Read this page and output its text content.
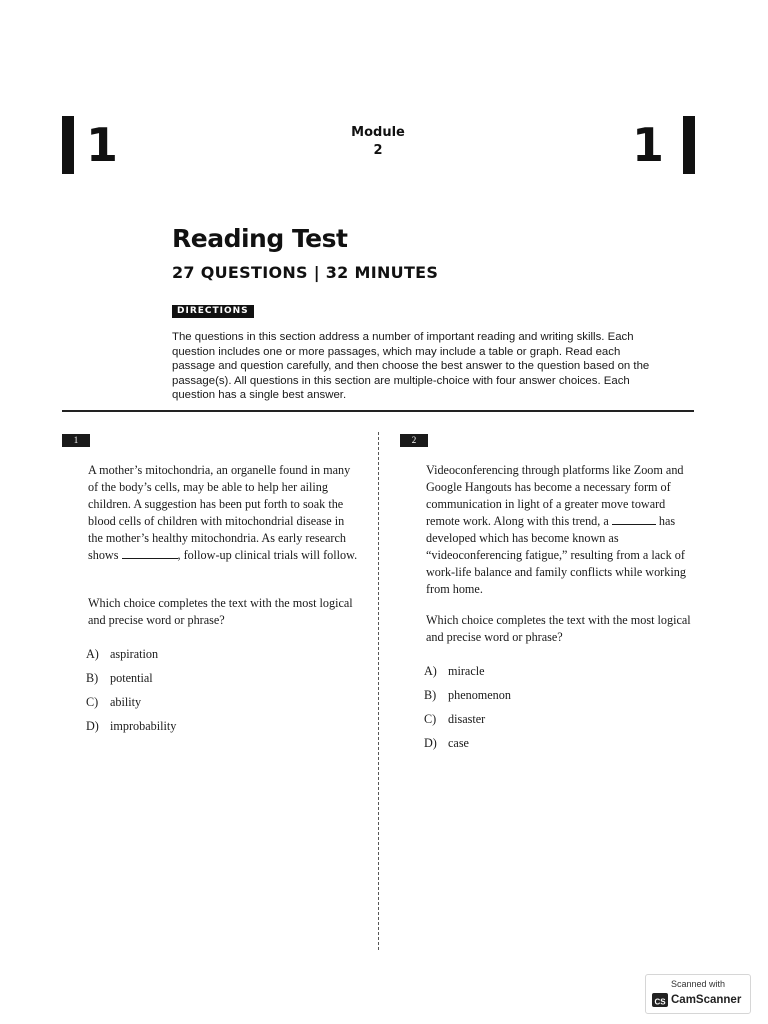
1	Module
2	1
Reading Test
27 QUESTIONS | 32 MINUTES
DIRECTIONS
The questions in this section address a number of important reading and writing skills. Each question includes one or more passages, which may include a table or graph. Read each passage and question carefully, and then choose the best answer to the question based on the passage(s). All questions in this section are multiple-choice with four answer choices. Each question has a single best answer.
1
A mother’s mitochondria, an organelle found in many of the body’s cells, may be able to help her ailing children. A suggestion has been put forth to soak the blood cells of children with mitochondrial disease in the mother’s healthy mitochondria. As early research shows	, follow-up clinical trials will follow.
Which choice completes the text with the most logical and precise word or phrase?
A) aspiration
B) potential
C) ability
D) improbability
2
Videoconferencing through platforms like Zoom and Google Hangouts has become a necessary form of communication in light of a greater move toward remote work. Along with this trend, a	has developed which has become known as “videoconferencing fatigue,” resulting from a lack of work-life balance and family conflicts while working from home.
Which choice completes the text with the most logical and precise word or phrase?
A) miracle
B) phenomenon
C) disaster
D) case
Scanned with
CS CamScanner
